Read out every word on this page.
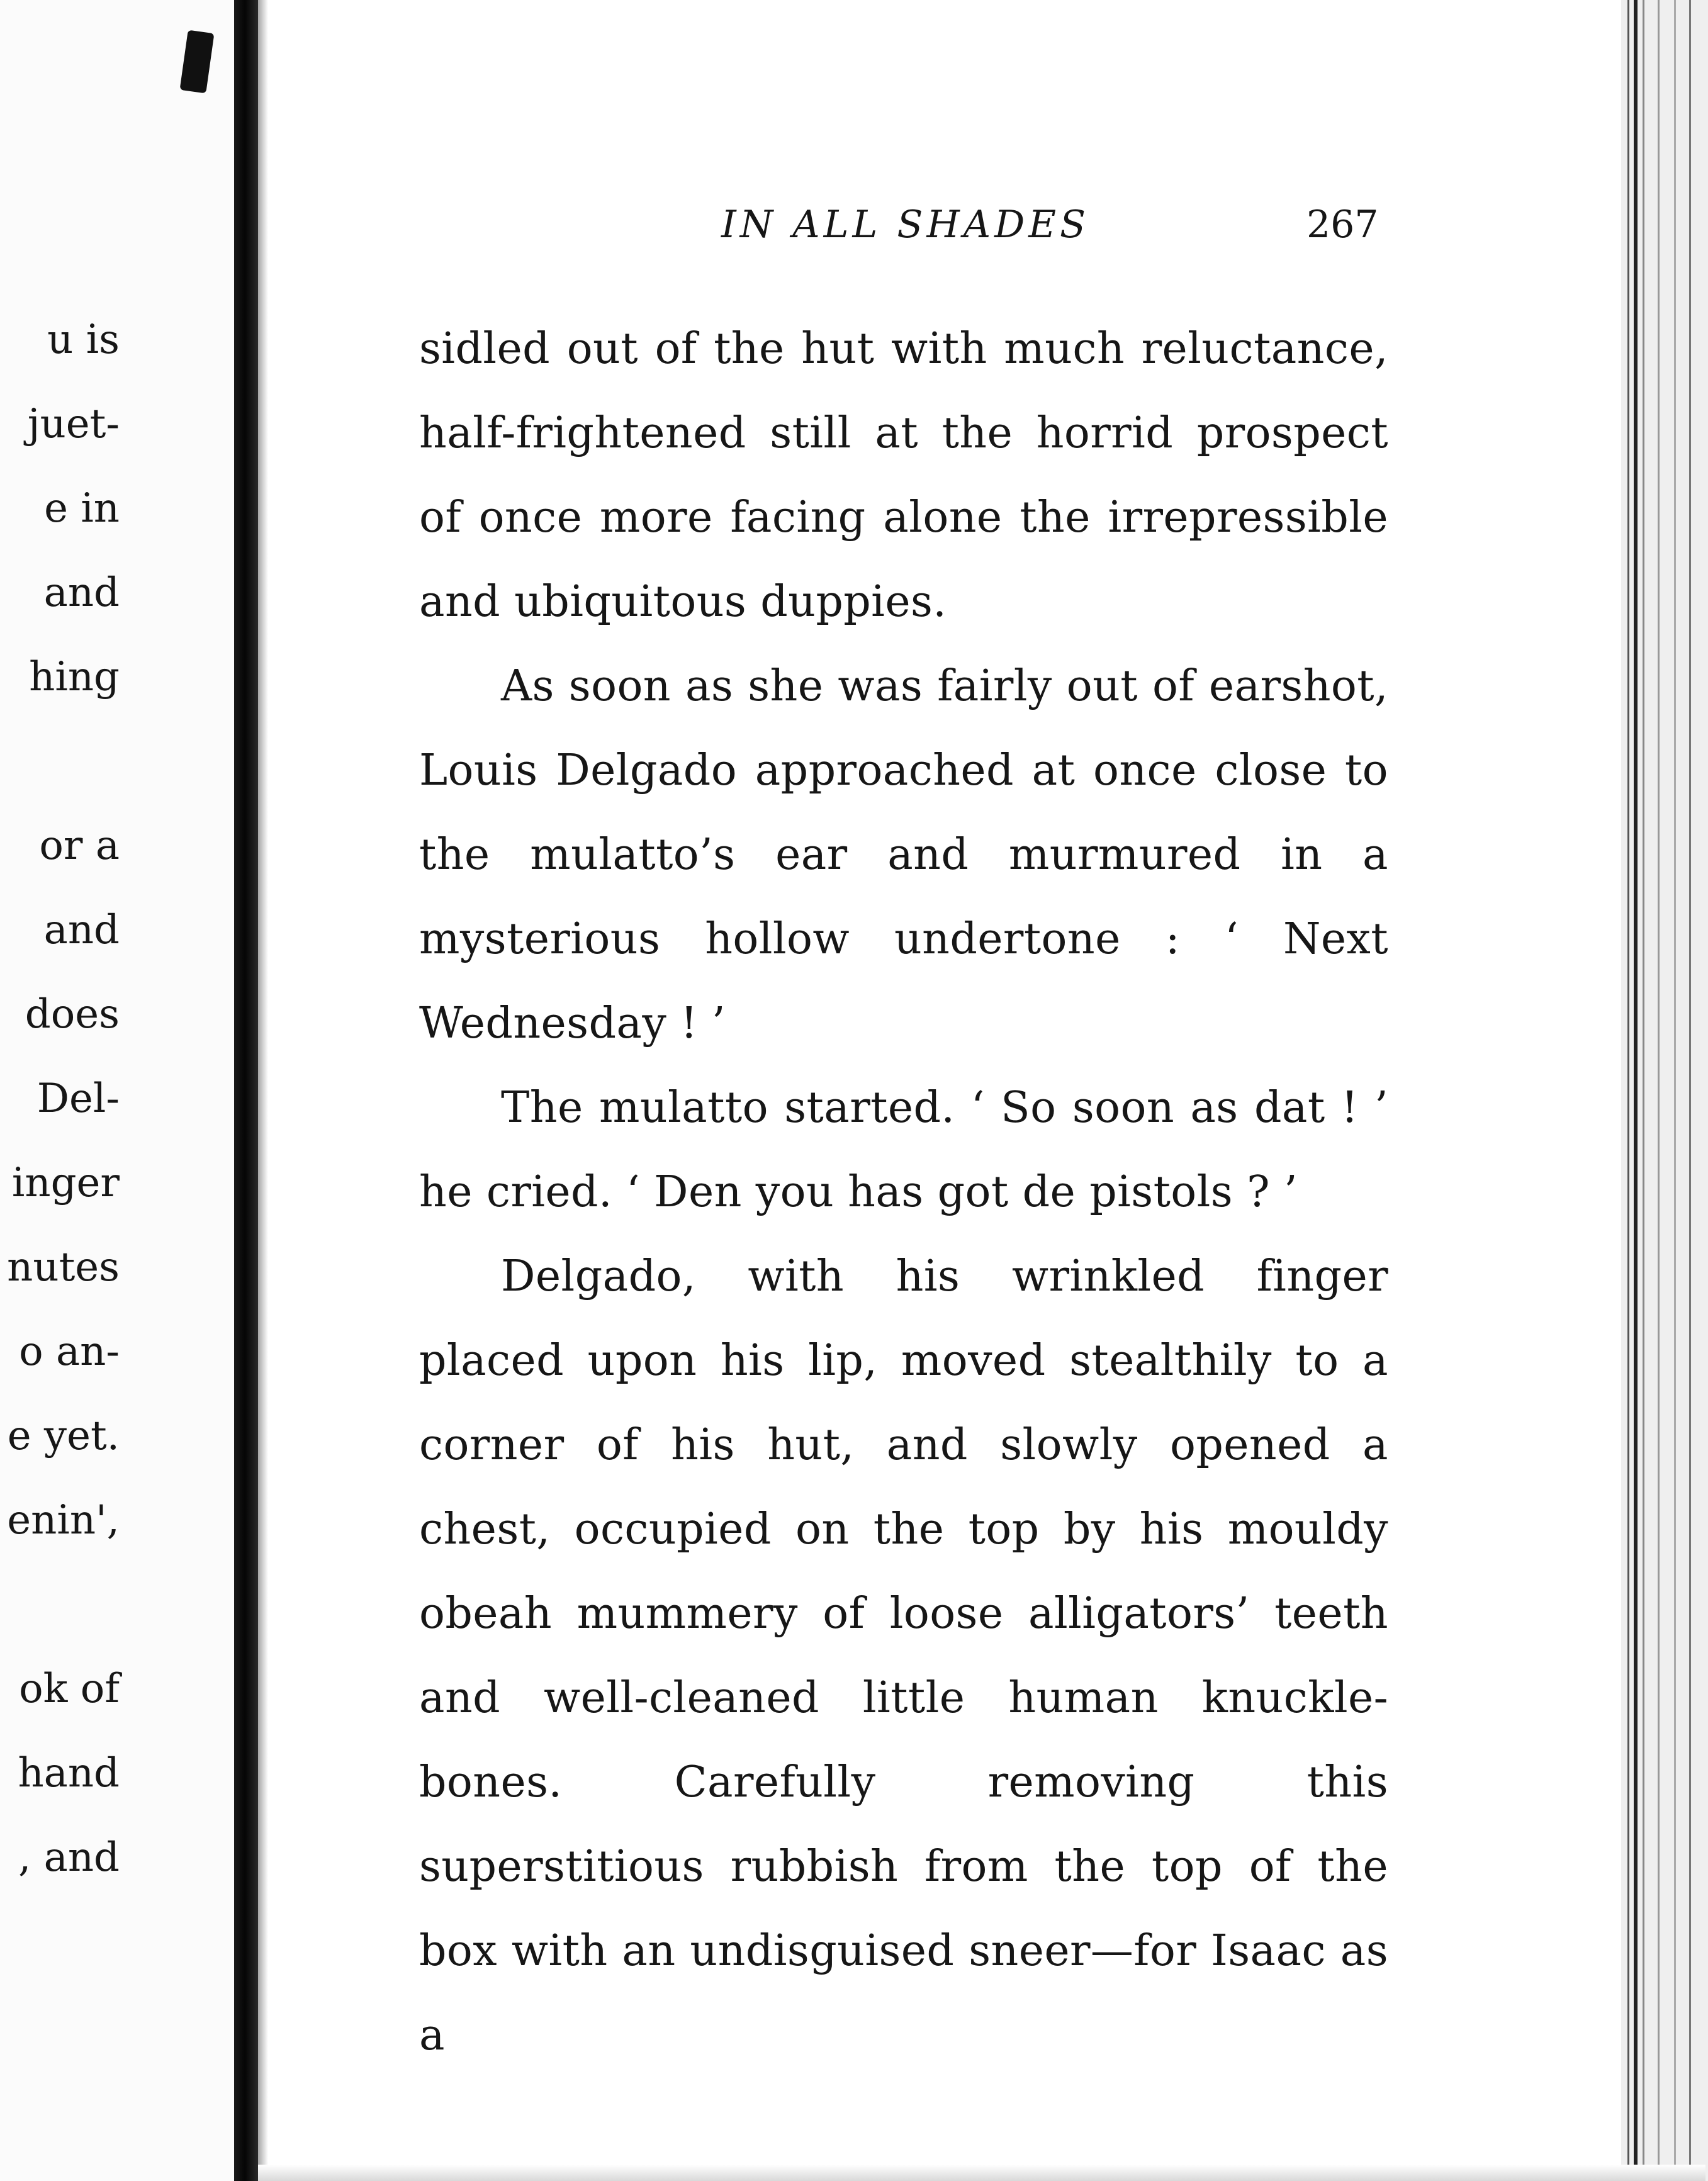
u is
juet-
e in
and
hing
or a
and
does
Del-
inger
nutes
o an-
e yet.
enin',
ok of
hand
, and
IN ALL SHADES	267

sidled out of the hut with much reluctance, half-frightened still at the horrid prospect of once more facing alone the irrepressible and ubiquitous duppies.

As soon as she was fairly out of earshot, Louis Delgado approached at once close to the mulatto’s ear and murmured in a mysterious hollow undertone : ‘ Next Wednesday ! ’

The mulatto started. ‘ So soon as dat ! ’ he cried. ‘ Den you has got de pistols ? ’

Delgado, with his wrinkled finger placed upon his lip, moved stealthily to a corner of his hut, and slowly opened a chest, occupied on the top by his mouldy obeah mummery of loose alligators’ teeth and well-cleaned little human knuckle-bones. Carefully removing this superstitious rubbish from the top of the box with an undisguised sneer—for Isaac as a
